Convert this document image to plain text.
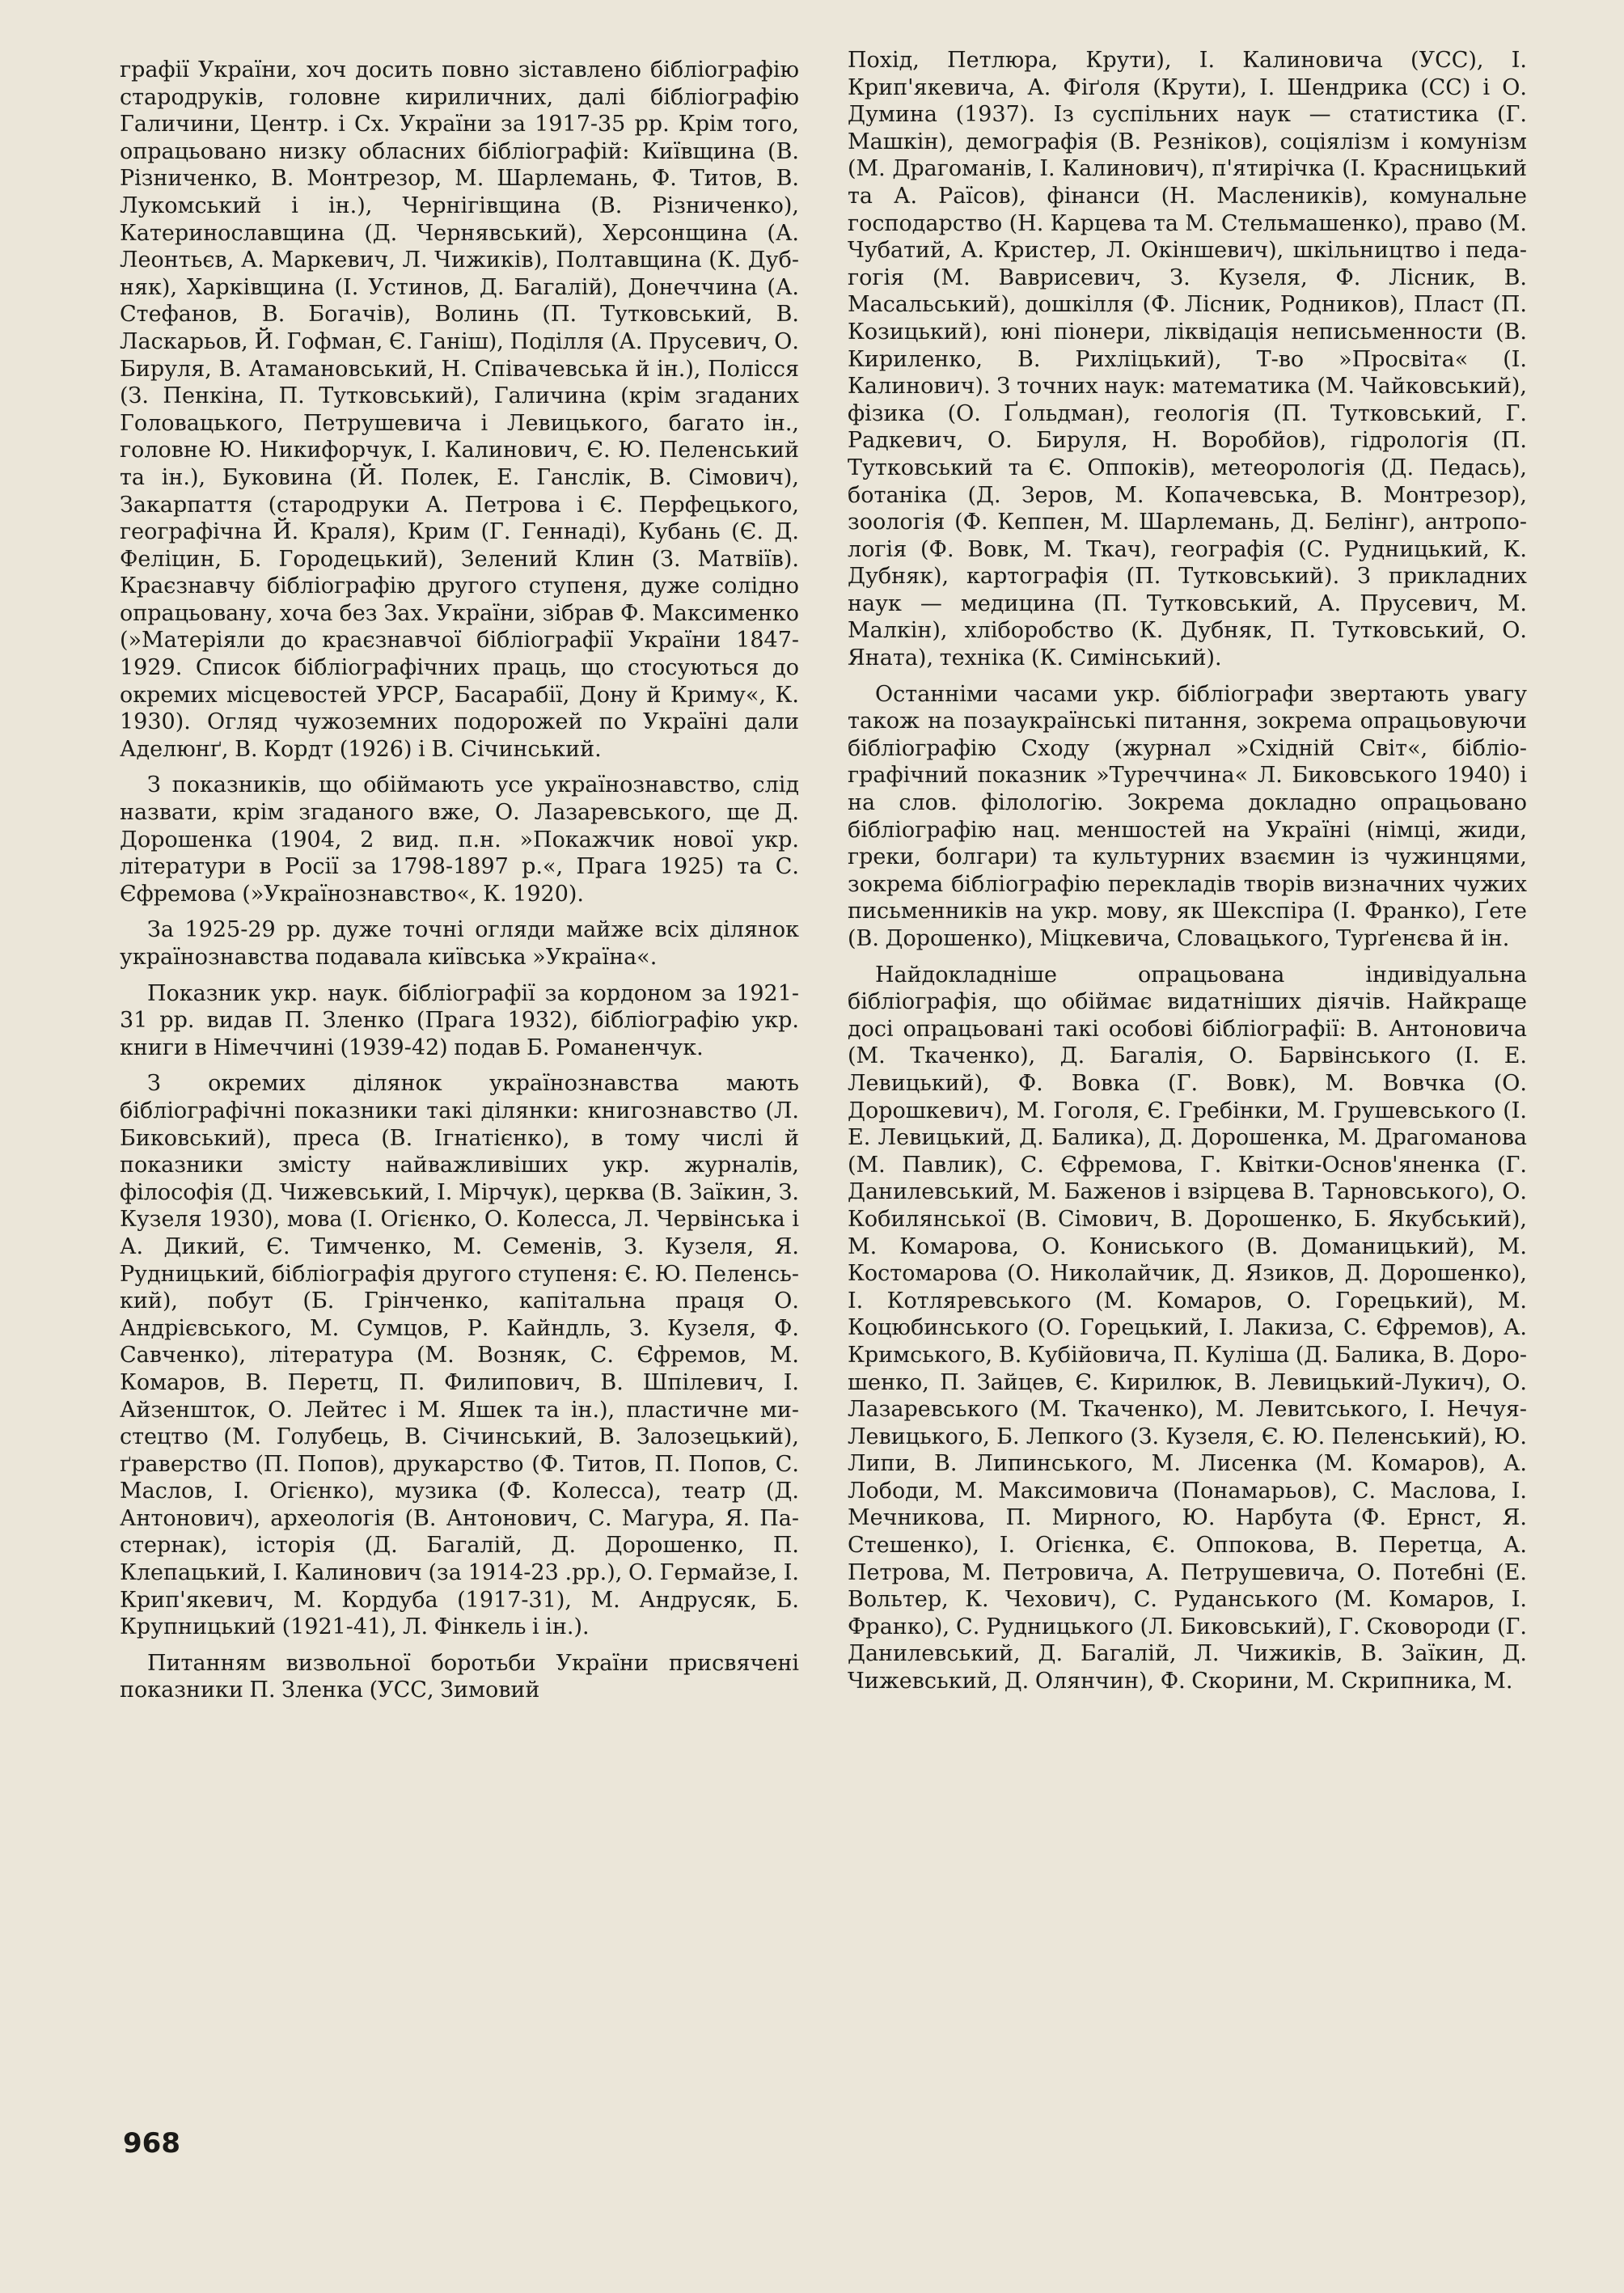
графії України, хоч досить повно зіставлено бібліографію стародруків, головне кириличних, далі бібліографію Галичини, Центр. і Сх. України за 1917-35 рр. Крім того, опрацьовано низку обласних бібліографій: Київщина (В. Різниченко, В. Монтрезор, М. Шарлемань, Ф. Титов, В. Лукомський і ін.), Чернігівщина (В. Різниченко), Катеринославщина (Д. Чернявський), Херсонщина (А. Леонтьєв, А. Маркевич, Л. Чижиків), Полтавщина (К. Дубняк), Харківщина (І. Устинов, Д. Багалій), Донеччина (А. Стефанов, В. Богачів), Волинь (П. Тутковський, В. Ласкарьов, Й. Гофман, Є. Ганіш), Поділля (А. Прусевич, О. Бируля, В. Атамановський, Н. Співачевська й ін.), Полісся (З. Пенкіна, П. Тутковський), Галичина (крім згаданих Головацького, Петрушевича і Левицького, багато ін., головне Ю. Никифорчук, І. Калинович, Є. Ю. Пеленський та ін.), Буковина (Й. Полек, Е. Ганслік, В. Сімович), Закарпаття (стародруки А. Петрова і Є. Перфецького, географічна Й. Краля), Крим (Г. Геннаді), Кубань (Є. Д. Феліцин, Б. Городецький), Зелений Клин (З. Матвіїв). Краєзнавчу бібліографію другого ступеня, дуже солідно опрацьовану, хоча без Зах. України, зібрав Ф. Максименко (»Матеріяли до краєзнавчої бібліографії України 1847-1929. Список бібліографічних праць, що стосуються до окремих місцевостей УРСР, Басарабії, Дону й Криму«, К. 1930). Огляд чужоземних подорожей по Україні дали Аделюнґ, В. Кордт (1926) і В. Січинський.

З показників, що обіймають усе українознавство, слід назвати, крім згаданого вже, О. Лазаревського, ще Д. Дорошенка (1904, 2 вид. п.н. »Покажчик нової укр. літератури в Росії за 1798-1897 р.«, Прага 1925) та С. Єфремова (»Українознавство«, К. 1920).

За 1925-29 рр. дуже точні огляди майже всіх ділянок українознавства подавала київська »Україна«.

Показник укр. наук. бібліографії за кордоном за 1921-31 рр. видав П. Зленко (Прага 1932), бібліографію укр. книги в Німеччині (1939-42) подав Б. Романенчук.

З окремих ділянок українознавства мають бібліографічні показники такі ділянки: книгознавство (Л. Биковський), преса (В. Ігнатієнко), в тому числі й показники змісту найважливіших укр. журналів, філософія (Д. Чижевський, І. Мірчук), церква (В. Заїкин, З. Кузеля 1930), мова (І. Огієнко, О. Колесса, Л. Червінська і А. Дикий, Є. Тимченко, М. Семенів, З. Кузеля, Я. Рудницький, бібліографія другого ступеня: Є. Ю. Пеленський), побут (Б. Грінченко, капітальна праця О. Андрієвського, М. Сумцов, Р. Кайндль, З. Кузеля, Ф. Савченко), література (М. Возняк, С. Єфремов, М. Комаров, В. Перетц, П. Филипович, В. Шпілевич, І. Айзеншток, О. Лейтес і М. Яшек та ін.), пластичне мистецтво (М. Голубець, В. Січинський, В. Залозецький), ґраверство (П. Попов), друкарство (Ф. Титов, П. Попов, С. Маслов, І. Огієнко), музика (Ф. Колесса), театр (Д. Антонович), археологія (В. Антонович, С. Магура, Я. Пастернак), історія (Д. Багалій, Д. Дорошенко, П. Клепацький, І. Калинович (за 1914-23 .рр.), О. Гермайзе, І. Крип'якевич, М. Кордуба (1917-31), М. Андрусяк, Б. Крупницький (1921-41), Л. Фінкель і ін.).

Питанням визвольної боротьби України присвячені показники П. Зленка (УСС, Зимовий

Похід, Петлюра, Крути), І. Калиновича (УСС), І. Крип'якевича, А. Фіґоля (Крути), І. Шендрика (СС) і О. Думина (1937). Із суспільних наук — статистика (Г. Машкін), демографія (В. Резніков), соціялізм і комунізм (М. Драгоманів, І. Калинович), п'ятирічка (І. Красницький та А. Раїсов), фінанси (Н. Маслеників), комунальне господарство (Н. Карцева та М. Стельмашенко), право (М. Чубатий, А. Кристер, Л. Окіншевич), шкільництво і педагогія (М. Ваврисевич, З. Кузеля, Ф. Лісник, В. Масальський), дошкілля (Ф. Лісник, Родников), Пласт (П. Козицький), юні піонери, ліквідація неписьменности (В. Кириленко, В. Рихліцький), Т-во »Просвіта« (І. Калинович). З точних наук: математика (М. Чайковський), фізика (О. Ґольдман), геологія (П. Тутковський, Г. Радкевич, О. Бируля, Н. Воробйов), гідрологія (П. Тутковський та Є. Оппоків), метеорологія (Д. Педась), ботаніка (Д. Зеров, М. Копачевська, В. Монтрезор), зоологія (Ф. Кеппен, М. Шарлемань, Д. Белінг), антропологія (Ф. Вовк, М. Ткач), географія (С. Рудницький, К. Дубняк), картографія (П. Тутковський). З прикладних наук — медицина (П. Тутковський, А. Прусевич, М. Малкін), хліборобство (К. Дубняк, П. Тутковський, О. Яната), техніка (К. Симінський).

Останніми часами укр. бібліографи звертають увагу також на позаукраїнські питання, зокрема опрацьовуючи бібліографію Сходу (журнал »Східній Світ«, бібліографічний показник »Туреччина« Л. Биковського 1940) і на слов. філологію. Зокрема докладно опрацьовано бібліографію нац. меншостей на Україні (німці, жиди, греки, болгари) та культурних взаємин із чужинцями, зокрема бібліографію перекладів творів визначних чужих письменників на укр. мову, як Шекспіра (І. Франко), Ґете (В. Дорошенко), Міцкевича, Словацького, Турґенєва й ін.

Найдокладніше опрацьована індивідуальна бібліографія, що обіймає видатніших діячів. Найкраще досі опрацьовані такі особові бібліографії: В. Антоновича (М. Ткаченко), Д. Багалія, О. Барвінського (І. Е. Левицький), Ф. Вовка (Г. Вовк), М. Вовчка (О. Дорошкевич), М. Гоголя, Є. Гребінки, М. Грушевського (І. Е. Левицький, Д. Балика), Д. Дорошенка, М. Драгоманова (М. Павлик), С. Єфремова, Г. Квітки-Основ'яненка (Г. Данилевський, М. Баженов і взірцева В. Тарновського), О. Кобилянської (В. Сімович, В. Дорошенко, Б. Якубський), М. Комарова, О. Кониського (В. Доманицький), М. Костомарова (О. Николайчик, Д. Язиков, Д. Дорошенко), І. Котляревського (М. Комаров, О. Горецький), М. Коцюбинського (О. Горецький, І. Лакиза, С. Єфремов), А. Кримського, В. Кубійовича, П. Куліша (Д. Балика, В. Дорошенко, П. Зайцев, Є. Кирилюк, В. Левицький-Лукич), О. Лазаревського (М. Ткаченко), М. Левитського, І. Нечуя-Левицького, Б. Лепкого (З. Кузеля, Є. Ю. Пеленський), Ю. Липи, В. Липинського, М. Лисенка (М. Комаров), А. Лободи, М. Максимовича (Понамарьов), С. Маслова, І. Мечникова, П. Мирного, Ю. Нарбута (Ф. Ернст, Я. Стешенко), І. Огієнка, Є. Оппокова, В. Перетца, А. Петрова, М. Петровича, А. Петрушевича, О. Потебні (Е. Вольтер, К. Чехович), С. Руданського (М. Комаров, І. Франко), С. Рудницького (Л. Биковський), Г. Сковороди (Г. Данилевський, Д. Багалій, Л. Чижиків, В. Заїкин, Д. Чижевський, Д. Олянчин), Ф. Скорини, М. Скрипника, М.

968
